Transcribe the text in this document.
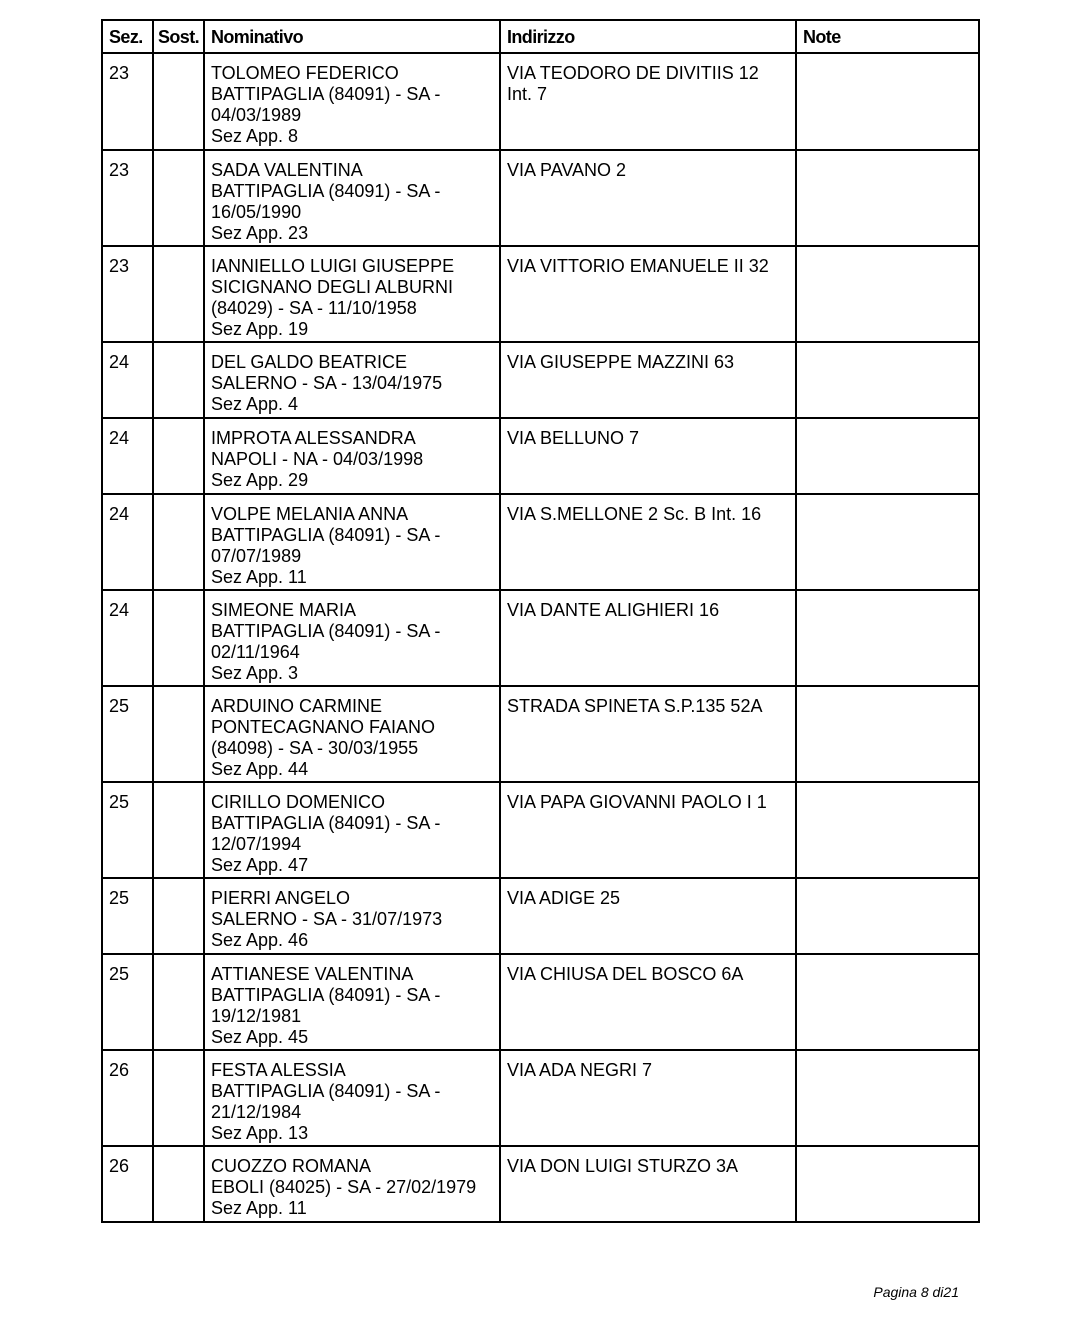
Sez.	Sost.	Nominativo	Indirizzo	Note
23		TOLOMEO FEDERICO
BATTIPAGLIA (84091) - SA -
04/03/1989
Sez App. 8	VIA TEODORO DE DIVITIIS 12
Int. 7	

23		SADA VALENTINA
BATTIPAGLIA (84091) - SA -
16/05/1990
Sez App. 23	VIA PAVANO 2	

23		IANNIELLO LUIGI GIUSEPPE
SICIGNANO DEGLI ALBURNI
(84029) - SA - 11/10/1958
Sez App. 19	VIA VITTORIO EMANUELE II 32	

24		DEL GALDO BEATRICE
SALERNO - SA - 13/04/1975
Sez App. 4	VIA GIUSEPPE MAZZINI 63	

24		IMPROTA ALESSANDRA
NAPOLI - NA - 04/03/1998
Sez App. 29	VIA BELLUNO 7	

24		VOLPE MELANIA ANNA
BATTIPAGLIA (84091) - SA -
07/07/1989
Sez App. 11	VIA S.MELLONE 2 Sc. B Int. 16	

24		SIMEONE MARIA
BATTIPAGLIA (84091) - SA -
02/11/1964
Sez App. 3	VIA DANTE ALIGHIERI 16	

25		ARDUINO CARMINE
PONTECAGNANO FAIANO
(84098) - SA - 30/03/1955
Sez App. 44	STRADA SPINETA S.P.135 52A	

25		CIRILLO DOMENICO
BATTIPAGLIA (84091) - SA -
12/07/1994
Sez App. 47	VIA PAPA GIOVANNI PAOLO I 1	

25		PIERRI ANGELO
SALERNO - SA - 31/07/1973
Sez App. 46	VIA ADIGE 25	

25		ATTIANESE VALENTINA
BATTIPAGLIA (84091) - SA -
19/12/1981
Sez App. 45	VIA CHIUSA DEL BOSCO 6A	

26		FESTA ALESSIA
BATTIPAGLIA (84091) - SA -
21/12/1984
Sez App. 13	VIA ADA NEGRI 7	

26		CUOZZO ROMANA
EBOLI (84025) - SA - 27/02/1979
Sez App. 11	VIA DON LUIGI STURZO 3A	

Pagina 8 di21
